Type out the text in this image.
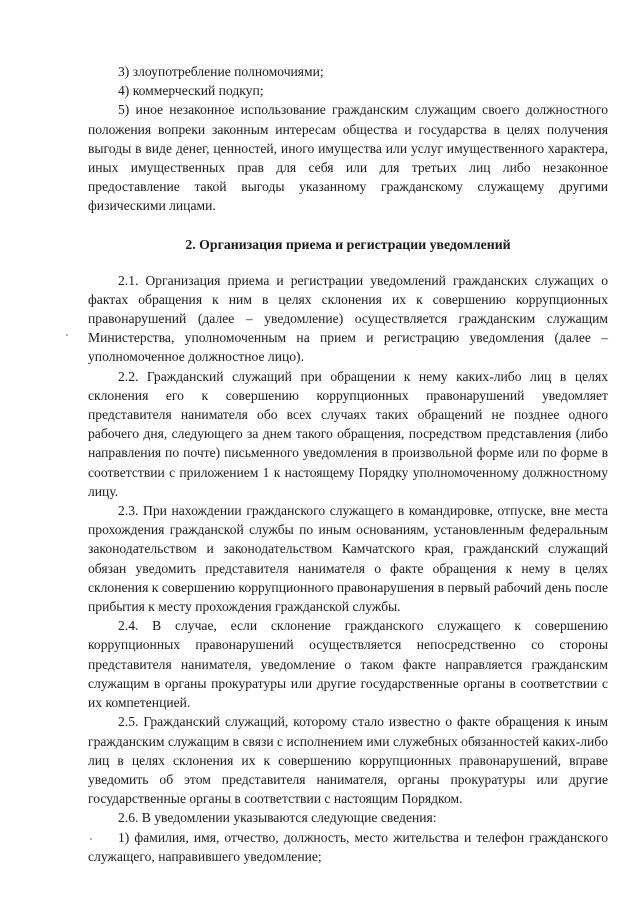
3) злоупотребление полномочиями;

4) коммерческий подкуп;

5) иное незаконное использование гражданским служащим своего должностного положения вопреки законным интересам общества и государства в целях получения выгоды в виде денег, ценностей, иного имущества или услуг имущественного характера, иных имущественных прав для себя или для третьих лиц либо незаконное предоставление такой выгоды указанному гражданскому служащему другими физическими лицами.

2. Организация приема и регистрации уведомлений

2.1. Организация приема и регистрации уведомлений гражданских служащих о фактах обращения к ним в целях склонения их к совершению коррупционных правонарушений (далее – уведомление) осуществляется гражданским служащим Министерства, уполномоченным на прием и регистрацию уведомления (далее – уполномоченное должностное лицо).

2.2. Гражданский служащий при обращении к нему каких-либо лиц в целях склонения его к совершению коррупционных правонарушений уведомляет представителя нанимателя обо всех случаях таких обращений не позднее одного рабочего дня, следующего за днем такого обращения, посредством представления (либо направления по почте) письменного уведомления в произвольной форме или по форме в соответствии с приложением 1 к настоящему Порядку уполномоченному должностному лицу.

2.3. При нахождении гражданского служащего в командировке, отпуске, вне места прохождения гражданской службы по иным основаниям, установленным федеральным законодательством и законодательством Камчатского края, гражданский служащий обязан уведомить представителя нанимателя о факте обращения к нему в целях склонения к совершению коррупционного правонарушения в первый рабочий день после прибытия к месту прохождения гражданской службы.

2.4. В случае, если склонение гражданского служащего к совершению коррупционных правонарушений осуществляется непосредственно со стороны представителя нанимателя, уведомление о таком факте направляется гражданским служащим в органы прокуратуры или другие государственные органы в соответствии с их компетенцией.

2.5. Гражданский служащий, которому стало известно о факте обращения к иным гражданским служащим в связи с исполнением ими служебных обязанностей каких-либо лиц в целях склонения их к совершению коррупционных правонарушений, вправе уведомить об этом представителя нанимателя, органы прокуратуры или другие государственные органы в соответствии с настоящим Порядком.

2.6. В уведомлении указываются следующие сведения:

1) фамилия, имя, отчество, должность, место жительства и телефон гражданского служащего, направившего уведомление;
